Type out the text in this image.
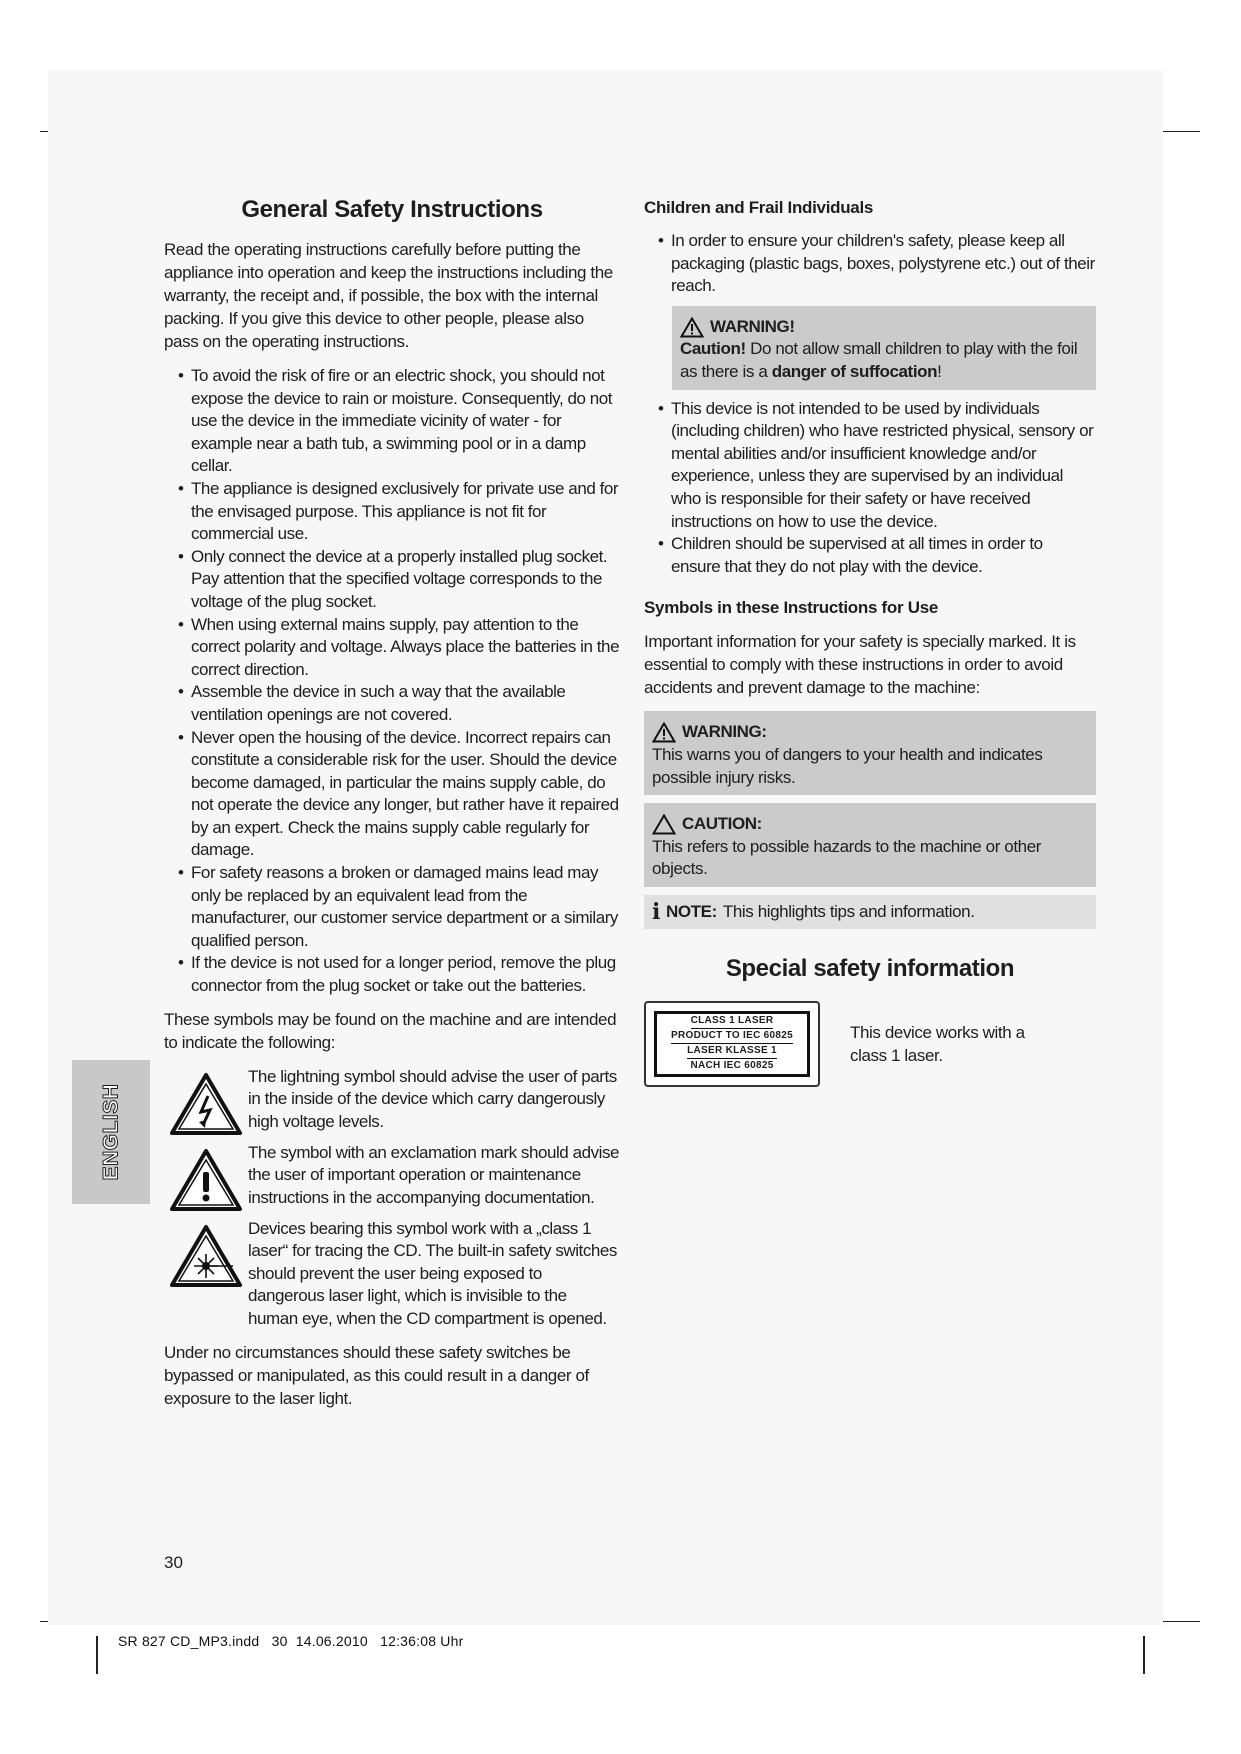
General Safety Instructions

Read the operating instructions carefully before putting the appliance into operation and keep the instructions including the warranty, the receipt and, if possible, the box with the internal packing. If you give this device to other people, please also pass on the operating instructions.

• To avoid the risk of fire or an electric shock, you should not expose the device to rain or moisture. Consequently, do not use the device in the immediate vicinity of water - for example near a bath tub, a swimming pool or in a damp cellar.
• The appliance is designed exclusively for private use and for the envisaged purpose. This appliance is not fit for commercial use.
• Only connect the device at a properly installed plug socket. Pay attention that the specified voltage corresponds to the voltage of the plug socket.
• When using external mains supply, pay attention to the correct polarity and voltage. Always place the batteries in the correct direction.
• Assemble the device in such a way that the available ventilation openings are not covered.
• Never open the housing of the device. Incorrect repairs can constitute a considerable risk for the user. Should the device become damaged, in particular the mains supply cable, do not operate the device any longer, but rather have it repaired by an expert. Check the mains supply cable regularly for damage.
• For safety reasons a broken or damaged mains lead may only be replaced by an equivalent lead from the manufacturer, our customer service department or a similary qualified person.
• If the device is not used for a longer period, remove the plug connector from the plug socket or take out the batteries.

These symbols may be found on the machine and are intended to indicate the following:

The lightning symbol should advise the user of parts in the inside of the device which carry dangerously high voltage levels.
The symbol with an exclamation mark should advise the user of important operation or maintenance instructions in the accompanying documentation.
Devices bearing this symbol work with a „class 1 laser“ for tracing the CD. The built-in safety switches should prevent the user being exposed to dangerous laser light, which is invisible to the human eye, when the CD compartment is opened.

Under no circumstances should these safety switches be bypassed or manipulated, as this could result in a danger of exposure to the laser light.

Children and Frail Individuals
• In order to ensure your children's safety, please keep all packaging (plastic bags, boxes, polystyrene etc.) out of their reach.
WARNING!
Caution! Do not allow small children to play with the foil as there is a danger of suffocation!
• This device is not intended to be used by individuals (including children) who have restricted physical, sensory or mental abilities and/or insufficient knowledge and/or experience, unless they are supervised by an individual who is responsible for their safety or have received instructions on how to use the device.
• Children should be supervised at all times in order to ensure that they do not play with the device.
Symbols in these Instructions for Use

Important information for your safety is specially marked. It is essential to comply with these instructions in order to avoid accidents and prevent damage to the machine:

WARNING:
This warns you of dangers to your health and indicates possible injury risks.
CAUTION:
This refers to possible hazards to the machine or other objects.
i NOTE: This highlights tips and information.
Special safety information
CLASS 1 LASER
PRODUCT TO IEC 60825
LASER KLASSE 1
NACH IEC 60825
This device works with a class 1 laser.
ENGLISH
30
SR 827 CD_MP3.indd   30  14.06.2010   12:36:08 Uhr
